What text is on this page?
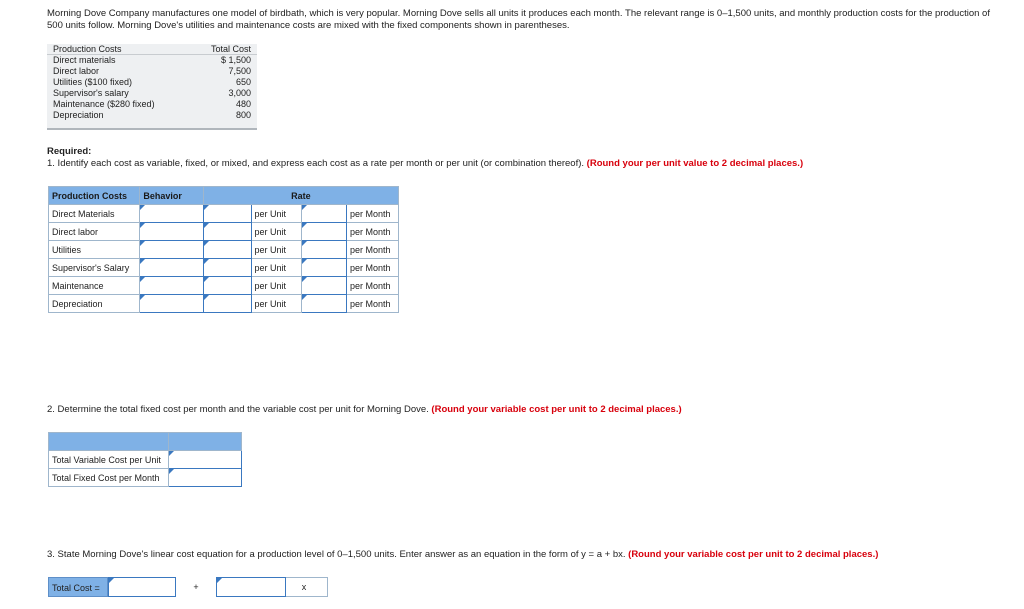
Morning Dove Company manufactures one model of birdbath, which is very popular. Morning Dove sells all units it produces each month. The relevant range is 0–1,500 units, and monthly production costs for the production of 500 units follow. Morning Dove's utilities and maintenance costs are mixed with the fixed components shown in parentheses.
Production Costs	Total Cost
Direct materials	$ 1,500
Direct labor	7,500
Utilities ($100 fixed)	650
Supervisor's salary	3,000
Maintenance ($280 fixed)	480
Depreciation	800
Required:
1. Identify each cost as variable, fixed, or mixed, and express each cost as a rate per month or per unit (or combination thereof). (Round your per unit value to 2 decimal places.)
Production Costs	Behavior	Rate			
Direct Materials			per Unit		per Month
Direct labor			per Unit		per Month
Utilities			per Unit		per Month
Supervisor's Salary			per Unit		per Month
Maintenance			per Unit		per Month
Depreciation			per Unit		per Month
2. Determine the total fixed cost per month and the variable cost per unit for Morning Dove. (Round your variable cost per unit to 2 decimal places.)

Total Variable Cost per Unit	
Total Fixed Cost per Month	
3. State Morning Dove's linear cost equation for a production level of 0–1,500 units. Enter answer as an equation in the form of y = a + bx. (Round your variable cost per unit to 2 decimal places.)
Total Cost =	+	x
